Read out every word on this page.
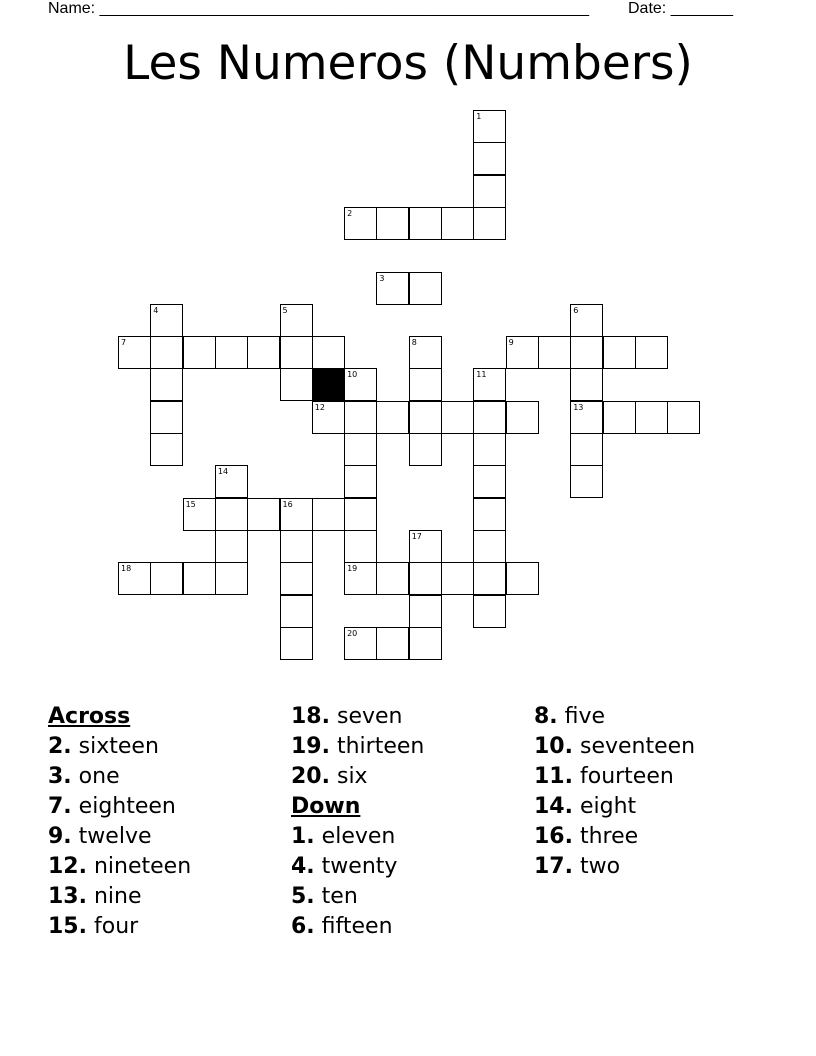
Name: _______________________________________________________ Date: _______
Les Numeros (Numbers)
1
2
3
4	5	6
7	8	9
10	11
12	13
14
15	16
17
18	19
20
Across
2. sixteen
3. one
7. eighteen
9. twelve
12. nineteen
13. nine
15. four
18. seven
19. thirteen
20. six
Down
1. eleven
4. twenty
5. ten
6. fifteen
8. five
10. seventeen
11. fourteen
14. eight
16. three
17. two
